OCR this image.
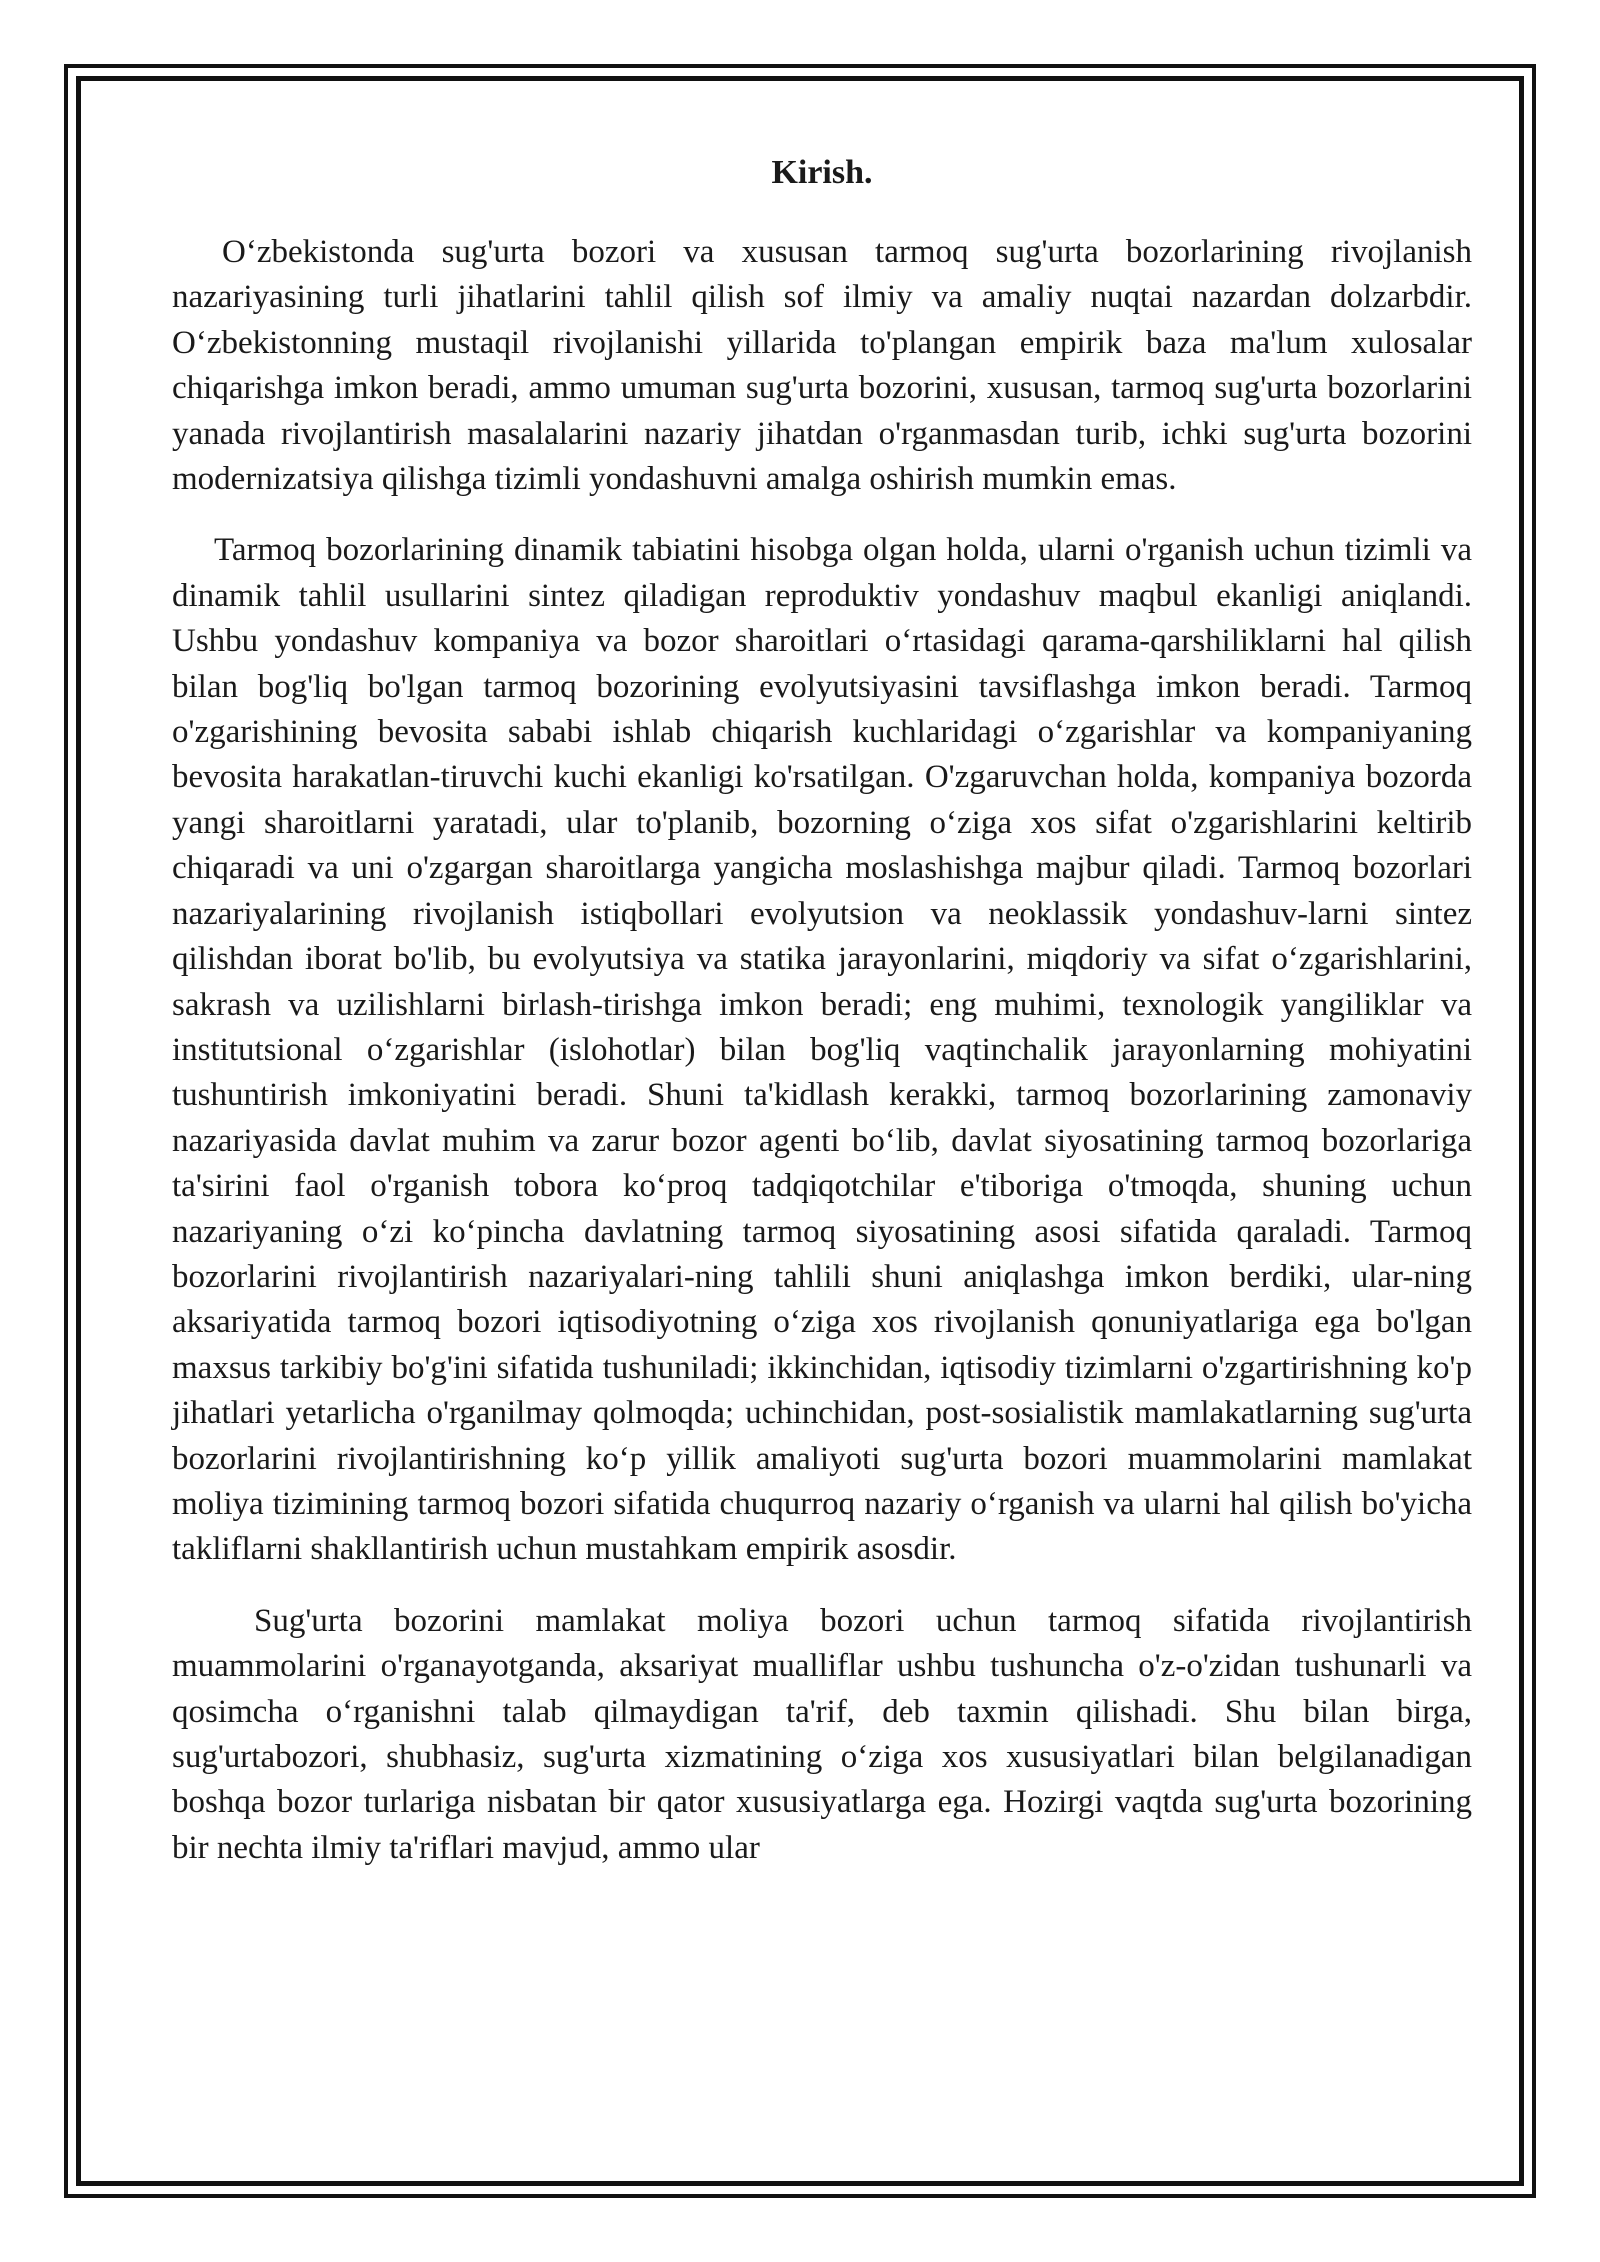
Kirish.

Oʻzbekistonda sug'urta bozori va xususan tarmoq sug'urta bozorlarining rivojlanish nazariyasining turli jihatlarini tahlil qilish sof ilmiy va amaliy nuqtai nazardan dolzarbdir. Oʻzbekistonning mustaqil rivojlanishi yillarida to'plangan empirik baza ma'lum xulosalar chiqarishga imkon beradi, ammo umuman sug'urta bozorini, xususan, tarmoq sug'urta bozorlarini yanada rivojlantirish masalalarini nazariy jihatdan o'rganmasdan turib, ichki sug'urta bozorini modernizatsiya qilishga tizimli yondashuvni amalga oshirish mumkin emas.

Tarmoq bozorlarining dinamik tabiatini hisobga olgan holda, ularni o'rganish uchun tizimli va dinamik tahlil usullarini sintez qiladigan reproduktiv yondashuv maqbul ekanligi aniqlandi. Ushbu yondashuv kompaniya va bozor sharoitlari oʻrtasidagi qarama-qarshiliklarni hal qilish bilan bog'liq bo'lgan tarmoq bozorining evolyutsiyasini tavsiflashga imkon beradi. Tarmoq o'zgarishining bevosita sababi ishlab chiqarish kuchlaridagi oʻzgarishlar va kompaniyaning bevosita harakatlan-tiruvchi kuchi ekanligi ko'rsatilgan. O'zgaruvchan holda, kompaniya bozorda yangi sharoitlarni yaratadi, ular to'planib, bozorning oʻziga xos sifat o'zgarishlarini keltirib chiqaradi va uni o'zgargan sharoitlarga yangicha moslashishga majbur qiladi. Tarmoq bozorlari nazariyalarining rivojlanish istiqbollari evolyutsion va neoklassik yondashuv-larni sintez qilishdan iborat bo'lib, bu evolyutsiya va statika jarayonlarini, miqdoriy va sifat oʻzgarishlarini, sakrash va uzilishlarni birlash-tirishga imkon beradi; eng muhimi, texnologik yangiliklar va institutsional oʻzgarishlar (islohotlar) bilan bog'liq vaqtinchalik jarayonlarning mohiyatini tushuntirish imkoniyatini beradi. Shuni ta'kidlash kerakki, tarmoq bozorlarining zamonaviy nazariyasida davlat muhim va zarur bozor agenti boʻlib, davlat siyosatining tarmoq bozorlariga ta'sirini faol o'rganish tobora koʻproq tadqiqotchilar e'tiboriga o'tmoqda, shuning uchun nazariyaning oʻzi koʻpincha davlatning tarmoq siyosatining asosi sifatida qaraladi. Tarmoq bozorlarini rivojlantirish nazariyalari-ning tahlili shuni aniqlashga imkon berdiki, ular-ning aksariyatida tarmoq bozori iqtisodiyotning oʻziga xos rivojlanish qonuniyatlariga ega bo'lgan maxsus tarkibiy bo'g'ini sifatida tushuniladi; ikkinchidan, iqtisodiy tizimlarni o'zgartirishning ko'p jihatlari yetarlicha o'rganilmay qolmoqda; uchinchidan, post-sosialistik mamlakatlarning sug'urta bozorlarini rivojlantirishning koʻp yillik amaliyoti sug'urta bozori muammolarini mamlakat moliya tizimining tarmoq bozori sifatida chuqurroq nazariy oʻrganish va ularni hal qilish bo'yicha takliflarni shakllantirish uchun mustahkam empirik asosdir.

Sug'urta bozorini mamlakat moliya bozori uchun tarmoq sifatida rivojlantirish muammolarini o'rganayotganda, aksariyat mualliflar ushbu tushuncha o'z-o'zidan tushunarli va qosimcha oʻrganishni talab qilmaydigan ta'rif, deb taxmin qilishadi. Shu bilan birga, sug'urtabozori, shubhasiz, sug'urta xizmatining oʻziga xos xususiyatlari bilan belgilanadigan boshqa bozor turlariga nisbatan bir qator xususiyatlarga ega. Hozirgi vaqtda sug'urta bozorining bir nechta ilmiy ta'riflari mavjud, ammo ular
